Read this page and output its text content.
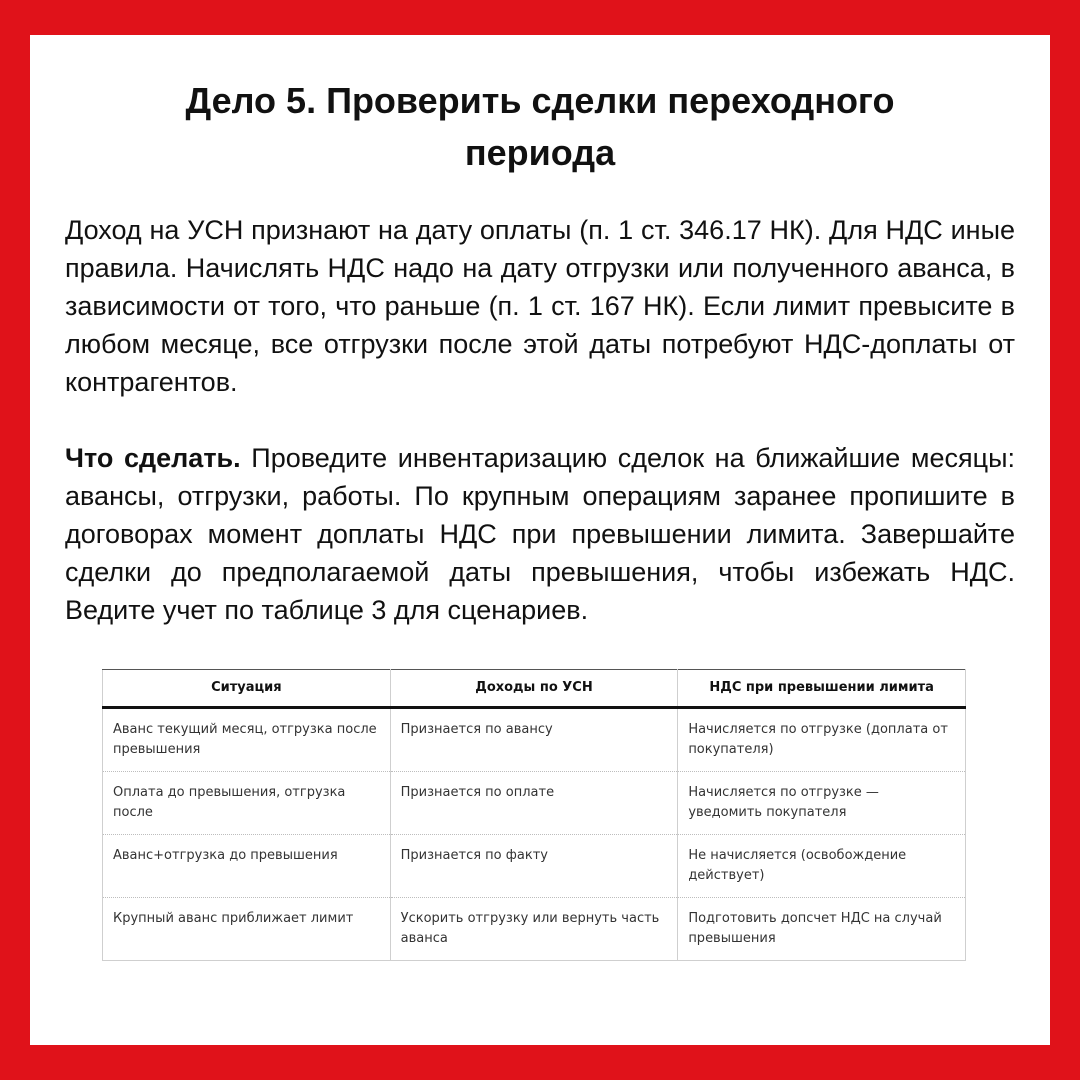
Дело 5. Проверить сделки переходного периода

Доход на УСН признают на дату оплаты (п. 1 ст. 346.17 НК). Для НДС иные правила. Начислять НДС надо на дату отгрузки или полученного аванса, в зависимости от того, что раньше (п. 1 ст. 167 НК). Если лимит превысите в любом месяце, все отгрузки после этой даты потребуют НДС-доплаты от контрагентов.

Что сделать. Проведите инвентаризацию сделок на ближайшие месяцы: авансы, отгрузки, работы. По крупным операциям заранее пропишите в договорах момент доплаты НДС при превышении лимита. Завершайте сделки до предполагаемой даты превышения, чтобы избежать НДС. Ведите учет по таблице 3 для сценариев.

Ситуация	Доходы по УСН	НДС при превышении лимита
Аванс текущий месяц, отгрузка после превышения	Признается по авансу	Начисляется по отгрузке (доплата от покупателя)
Оплата до превышения, отгрузка после	Признается по оплате	Начисляется по отгрузке — уведомить покупателя
Аванс+отгрузка до превышения	Признается по факту	Не начисляется (освобождение действует)
Крупный аванс приближает лимит	Ускорить отгрузку или вернуть часть аванса	Подготовить допсчет НДС на случай превышения
